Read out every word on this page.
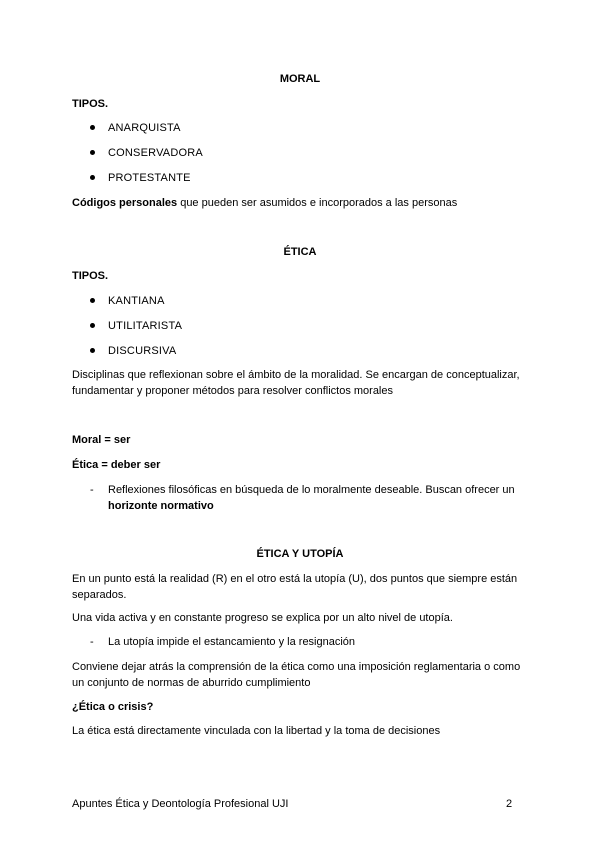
MORAL
TIPOS.
ANARQUISTA
CONSERVADORA
PROTESTANTE
Códigos personales que pueden ser asumidos e incorporados a las personas
ÉTICA
TIPOS.
KANTIANA
UTILITARISTA
DISCURSIVA
Disciplinas que reflexionan sobre el ámbito de la moralidad. Se encargan de conceptualizar,
fundamentar y proponer métodos para resolver conflictos morales
Moral = ser
Ética = deber ser
- Reflexiones filosóficas en búsqueda de lo moralmente deseable. Buscan ofrecer un
horizonte normativo
ÉTICA Y UTOPÍA
En un punto está la realidad (R) en el otro está la utopía (U), dos puntos que siempre están
separados.
Una vida activa y en constante progreso se explica por un alto nivel de utopía.
- La utopía impide el estancamiento y la resignación
Conviene dejar atrás la comprensión de la ética como una imposición reglamentaria o como
un conjunto de normas de aburrido cumplimiento
¿Ética o crisis?
La ética está directamente vinculada con la libertad y la toma de decisiones
Apuntes Ética y Deontología Profesional UJI	2
